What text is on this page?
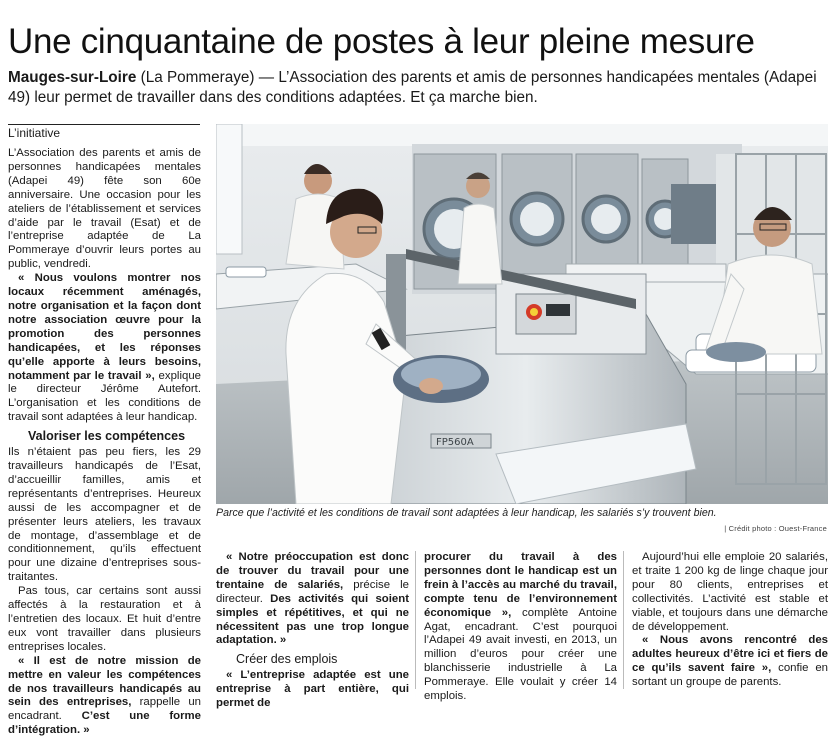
Une cinquantaine de postes à leur pleine mesure

Mauges-sur-Loire (La Pommeraye) — L’Association des parents et amis de personnes handicapées mentales (Adapei 49) leur permet de travailler dans des conditions adaptées. Et ça marche bien.

L’initiative

L’Association des parents et amis de personnes handicapées mentales (Adapei 49) fête son 60e anniversaire. Une occasion pour les ateliers de l’établissement et services d’aide par le travail (Esat) et de l’entreprise adaptée de La Pommeraye d’ouvrir leurs portes au public, vendredi.

« Nous voulons montrer nos locaux récemment aménagés, notre organisation et la façon dont notre association œuvre pour la promotion des personnes handicapées, et les réponses qu’elle apporte à leurs besoins, notamment par le travail », explique le directeur Jérôme Autefort. L’organisation et les conditions de travail sont adaptées à leur handicap.

Valoriser les compétences

Ils n’étaient pas peu fiers, les 29 travailleurs handicapés de l’Esat, d’accueillir familles, amis et représentants d’entreprises. Heureux aussi de les accompagner et de présenter leurs ateliers, les travaux de montage, d’assemblage et de conditionnement, qu’ils effectuent pour une dizaine d’entreprises sous-traitantes.

Pas tous, car certains sont aussi affectés à la restauration et à l’entretien des locaux. Et huit d’entre eux vont travailler dans plusieurs entreprises locales.

« Il est de notre mission de mettre en valeur les compétences de nos travailleurs handicapés au sein des entreprises, rappelle un encadrant. C’est une forme d’intégration. »

FP560A
Parce que l’activité et les conditions de travail sont adaptées à leur handicap, les salariés s’y trouvent bien.
| Crédit photo : Ouest-France

« Notre préoccupation est donc de trouver du travail pour une trentaine de salariés, précise le directeur. Des activités qui soient simples et répétitives, et qui ne nécessitent pas une trop longue adaptation. »

Créer des emplois

« L’entreprise adaptée est une entreprise à part entière, qui permet de

procurer du travail à des personnes dont le handicap est un frein à l’accès au marché du travail, compte tenu de l’environnement économique », complète Antoine Agat, encadrant. C’est pourquoi l’Adapei 49 avait investi, en 2013, un million d’euros pour créer une blanchisserie industrielle à La Pommeraye. Elle voulait y créer 14 emplois.

Aujourd’hui elle emploie 20 salariés, et traite 1 200 kg de linge chaque jour pour 80 clients, entreprises et collectivités. L’activité est stable et viable, et toujours dans une démarche de développement.

« Nous avons rencontré des adultes heureux d’être ici et fiers de ce qu’ils savent faire », confie en sortant un groupe de parents.
